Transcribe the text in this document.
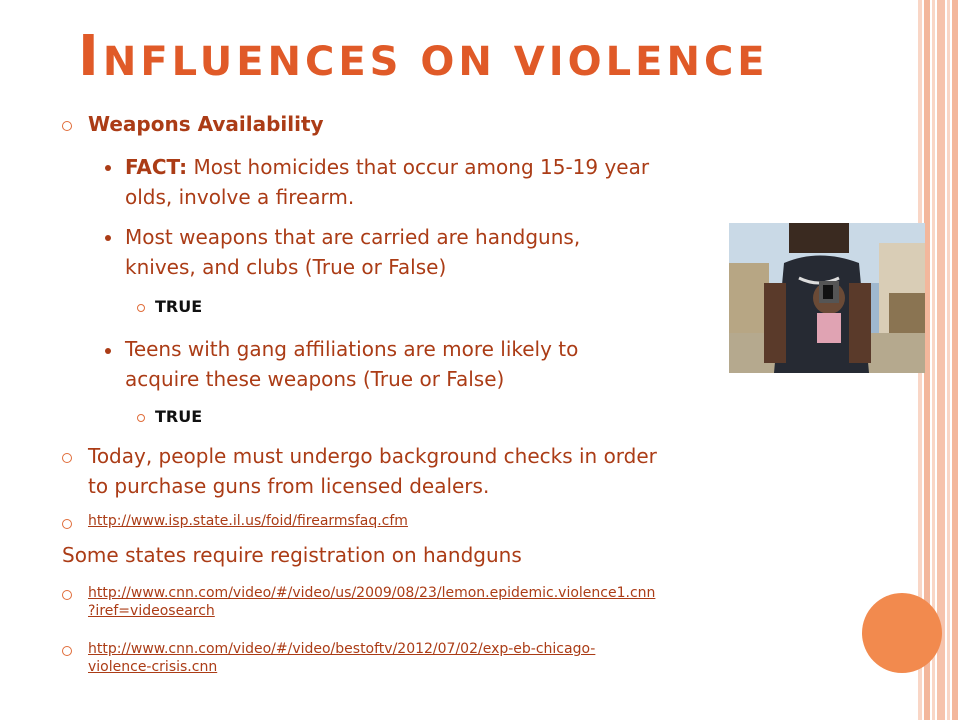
INFLUENCES ON VIOLENCE
Weapons Availability
FACT: Most homicides that occur among 15-19 year
olds, involve a firearm.
Most weapons that are carried are handguns,
knives, and clubs (True or False)
TRUE
Teens with gang affiliations are more likely to
acquire these weapons (True or False)
TRUE
Today, people must undergo background checks in order
to purchase guns from licensed dealers.
http://www.isp.state.il.us/foid/firearmsfaq.cfm
Some states require registration on handguns
http://www.cnn.com/video/#/video/us/2009/08/23/lemon.epidemic.violence1.cnn
?iref=videosearch
http://www.cnn.com/video/#/video/bestoftv/2012/07/02/exp-eb-chicago-
violence-crisis.cnn
